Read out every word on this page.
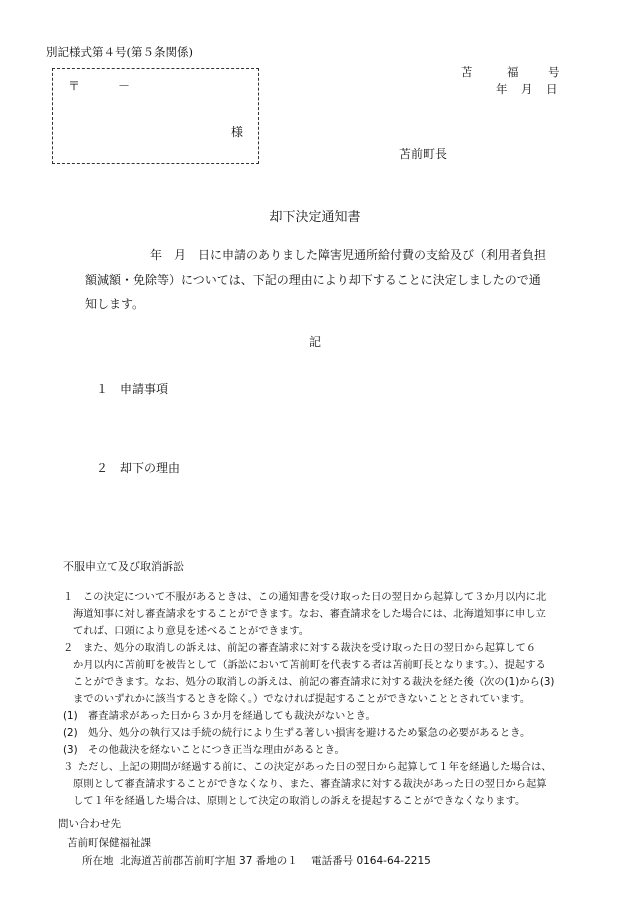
別記様式第４号(第５条関係)
〒	－
様
苫	福	号
年 月 日
苫前町長
却下決定通知書
年　月　日に申請のありました障害児通所給付費の支給及び（利用者負担
額減額・免除等）については、下記の理由により却下することに決定しましたので通
知します。
記
１　申請事項
２　却下の理由
不服申立て及び取消訴訟
１ この決定について不服があるときは、この通知書を受け取った日の翌日から起算して３か月以内に北
海道知事に対し審査請求をすることができます。なお、審査請求をした場合には、北海道知事に申し立
てれば、口頭により意見を述べることができます。
２ また、処分の取消しの訴えは、前記の審査請求に対する裁決を受け取った日の翌日から起算して６
か月以内に苫前町を被告として（訴訟において苫前町を代表する者は苫前町長となります。）、提起する
ことができます。なお、処分の取消しの訴えは、前記の審査請求に対する裁決を経た後（次の(1)から(3)
までのいずれかに該当するときを除く。）でなければ提起することができないこととされています。
(1) 審査請求があった日から３か月を経過しても裁決がないとき。
(2) 処分、処分の執行又は手続の続行により生ずる著しい損害を避けるため緊急の必要があるとき。
(3) その他裁決を経ないことにつき正当な理由があるとき。
３ ただし、上記の期間が経過する前に、この決定があった日の翌日から起算して１年を経過した場合は、
原則として審査請求することができなくなり、また、審査請求に対する裁決があった日の翌日から起算
して１年を経過した場合は、原則として決定の取消しの訴えを提起することができなくなります。
問い合わせ先
苫前町保健福祉課
所在地 北海道苫前郡苫前町字旭 37 番地の１ 電話番号 0164-64-2215
